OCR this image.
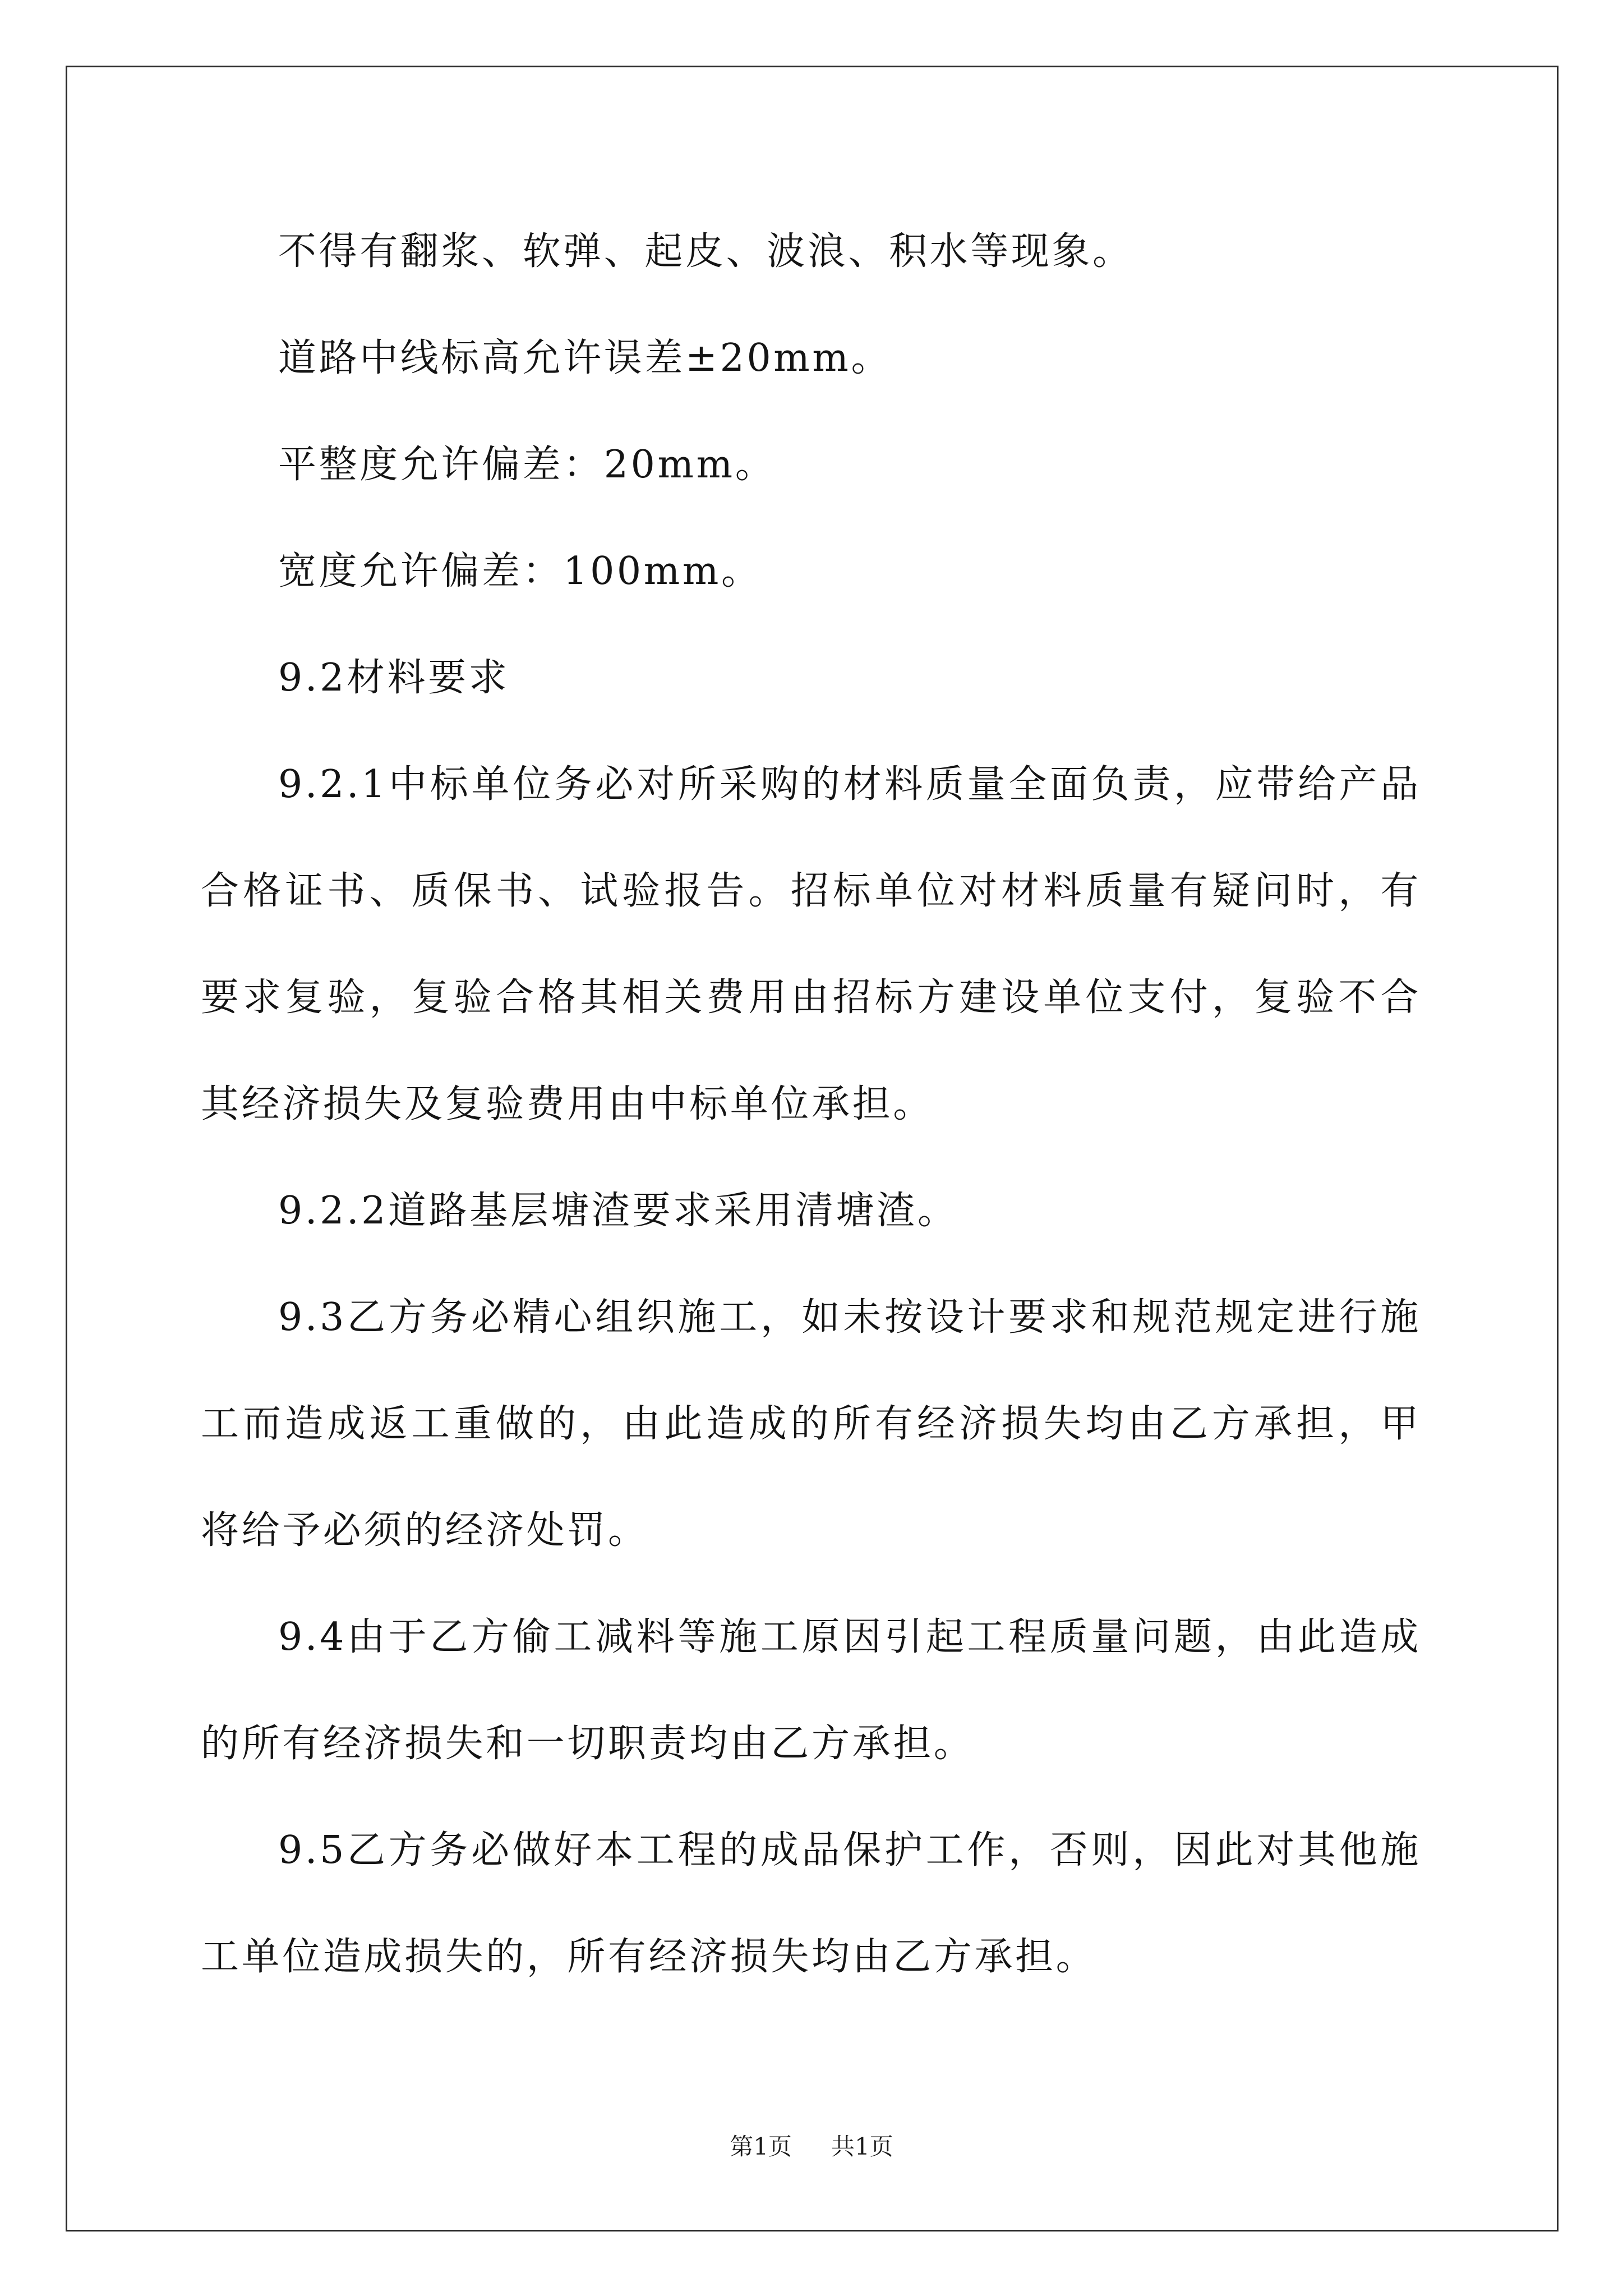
不得有翻浆、软弹、起皮、波浪、积水等现象。
道路中线标高允许误差±20mm。
平整度允许偏差：20mm。
宽度允许偏差：100mm。
9.2材料要求
9.2.1中标单位务必对所采购的材料质量全面负责，应带给产品
合格证书、质保书、试验报告。招标单位对材料质量有疑问时，有
要求复验，复验合格其相关费用由招标方建设单位支付，复验不合
其经济损失及复验费用由中标单位承担。
9.2.2道路基层塘渣要求采用清塘渣。
9.3乙方务必精心组织施工，如未按设计要求和规范规定进行施
工而造成返工重做的，由此造成的所有经济损失均由乙方承担，甲
将给予必须的经济处罚。
9.4由于乙方偷工减料等施工原因引起工程质量问题，由此造成
的所有经济损失和一切职责均由乙方承担。
9.5乙方务必做好本工程的成品保护工作，否则，因此对其他施
工单位造成损失的，所有经济损失均由乙方承担。
第1页 共1页
